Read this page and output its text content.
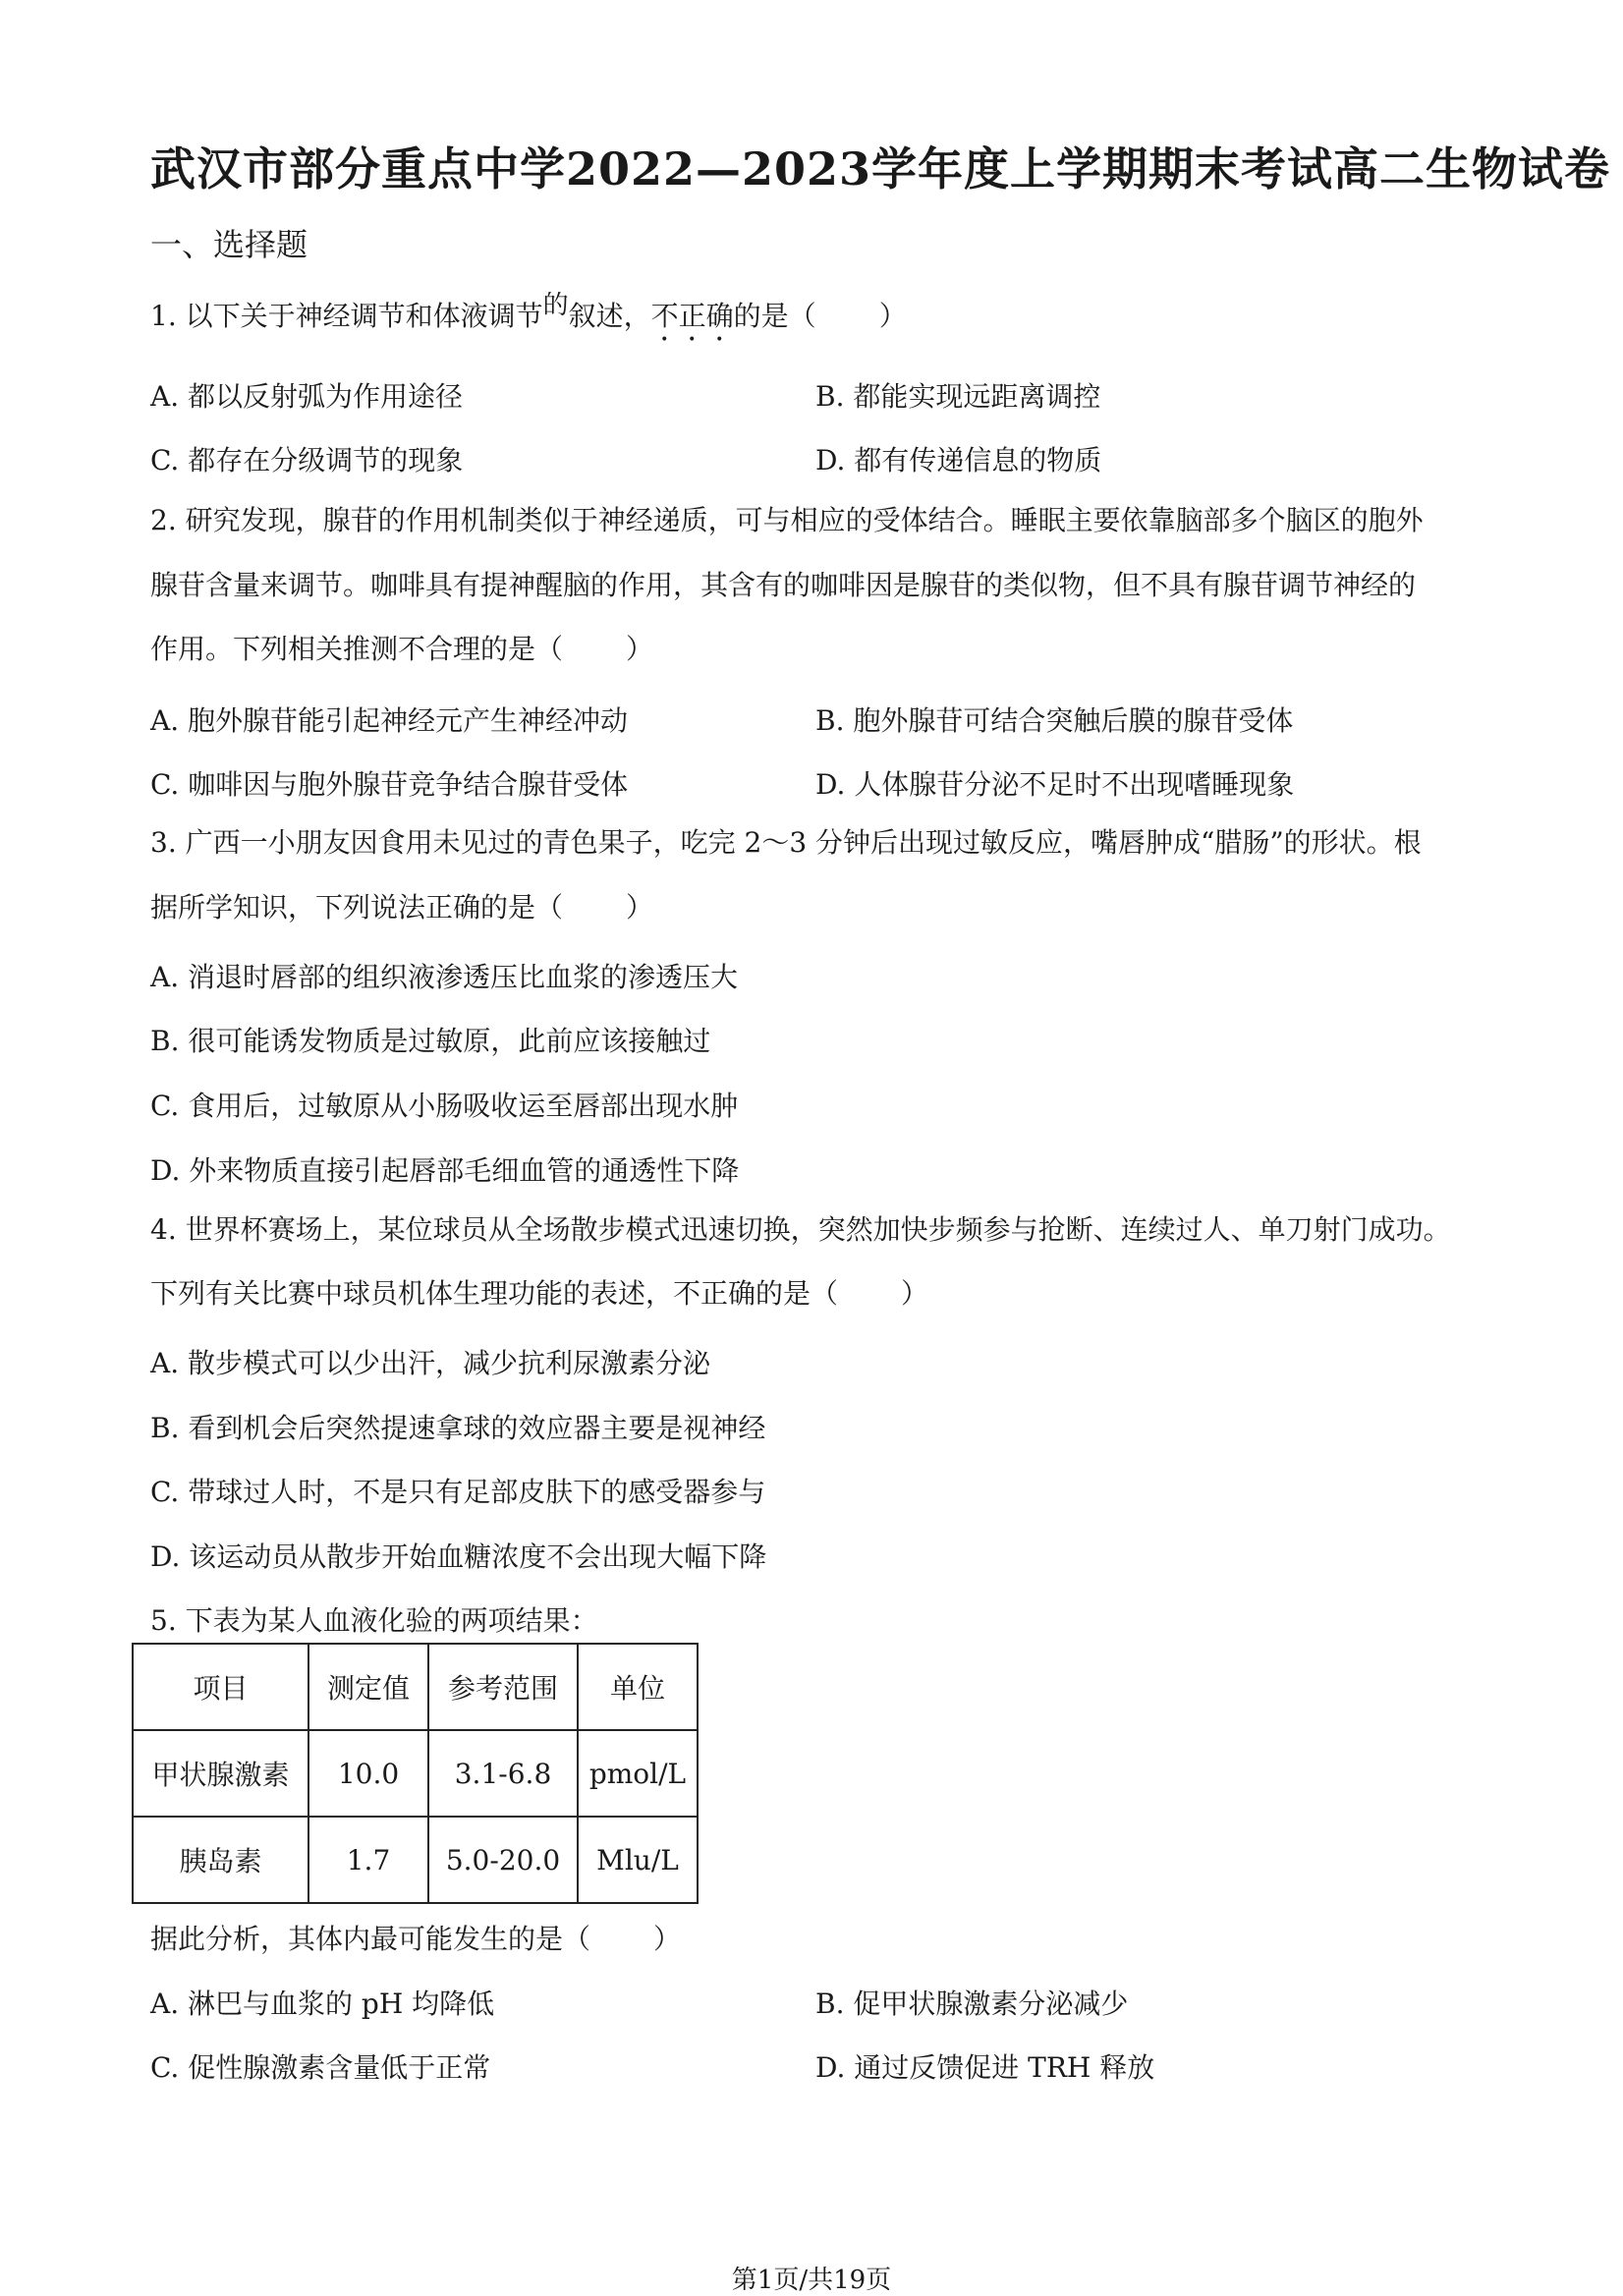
武汉市部分重点中学2022—2023学年度上学期期末考试高二生物试卷
一、选择题
1. 以下关于神经调节和体液调节的叙述，不正确的是（ ）
A. 都以反射弧为作用途径	B. 都能实现远距离调控
C. 都存在分级调节的现象	D. 都有传递信息的物质
2. 研究发现，腺苷的作用机制类似于神经递质，可与相应的受体结合。睡眠主要依靠脑部多个脑区的胞外
腺苷含量来调节。咖啡具有提神醒脑的作用，其含有的咖啡因是腺苷的类似物，但不具有腺苷调节神经的
作用。下列相关推测不合理的是（ ）
A. 胞外腺苷能引起神经元产生神经冲动	B. 胞外腺苷可结合突触后膜的腺苷受体
C. 咖啡因与胞外腺苷竞争结合腺苷受体	D. 人体腺苷分泌不足时不出现嗜睡现象
3. 广西一小朋友因食用未见过的青色果子，吃完 2～3 分钟后出现过敏反应，嘴唇肿成“腊肠”的形状。根
据所学知识，下列说法正确的是（ ）
A. 消退时唇部的组织液渗透压比血浆的渗透压大
B. 很可能诱发物质是过敏原，此前应该接触过
C. 食用后，过敏原从小肠吸收运至唇部出现水肿
D. 外来物质直接引起唇部毛细血管的通透性下降
4. 世界杯赛场上，某位球员从全场散步模式迅速切换，突然加快步频参与抢断、连续过人、单刀射门成功。
下列有关比赛中球员机体生理功能的表述，不正确的是（ ）
A. 散步模式可以少出汗，减少抗利尿激素分泌
B. 看到机会后突然提速拿球的效应器主要是视神经
C. 带球过人时，不是只有足部皮肤下的感受器参与
D. 该运动员从散步开始血糖浓度不会出现大幅下降
5. 下表为某人血液化验的两项结果：
项目	测定值	参考范围	单位
甲状腺激素	10.0	3.1-6.8	pmol/L
胰岛素	1.7	5.0-20.0	Mlu/L
据此分析，其体内最可能发生的是（ ）
A. 淋巴与血浆的 pH 均降低	B. 促甲状腺激素分泌减少
C. 促性腺激素含量低于正常	D. 通过反馈促进 TRH 释放
第1页/共19页
